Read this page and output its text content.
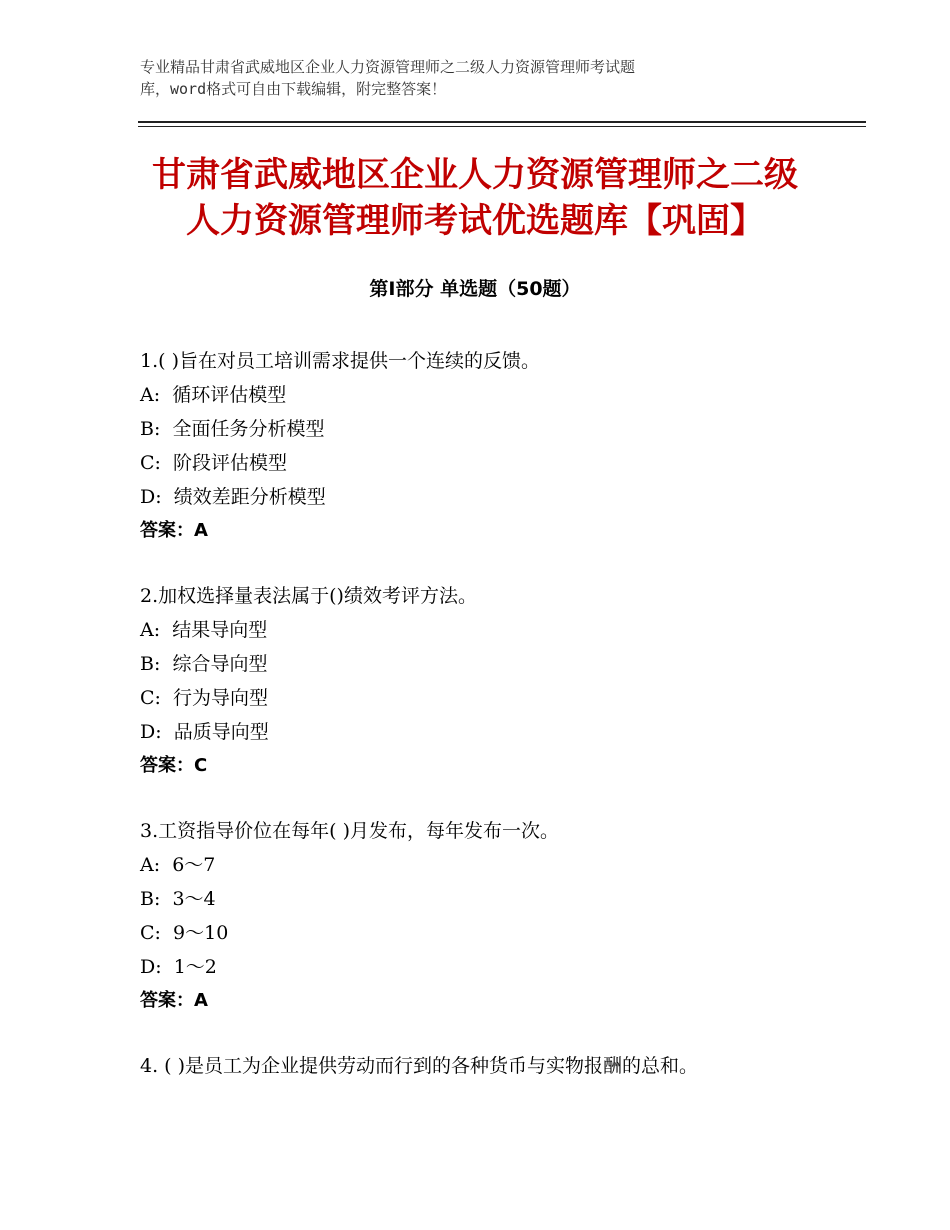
专业精品甘肃省武威地区企业人力资源管理师之二级人力资源管理师考试题
库，word格式可自由下载编辑，附完整答案！
甘肃省武威地区企业人力资源管理师之二级
人力资源管理师考试优选题库【巩固】
第Ⅰ部分 单选题（50题）
1.( )旨在对员工培训需求提供一个连续的反馈。
A:  循环评估模型
B:  全面任务分析模型
C:  阶段评估模型
D:  绩效差距分析模型
答案：A
2.加权选择量表法属于()绩效考评方法。
A:  结果导向型
B:  综合导向型
C:  行为导向型
D:  品质导向型
答案：C
3.工资指导价位在每年( )月发布，每年发布一次。
A:  6～7
B:  3～4
C:  9～10
D:  1～2
答案：A
4. ( )是员工为企业提供劳动而行到的各种货币与实物报酬的总和。
